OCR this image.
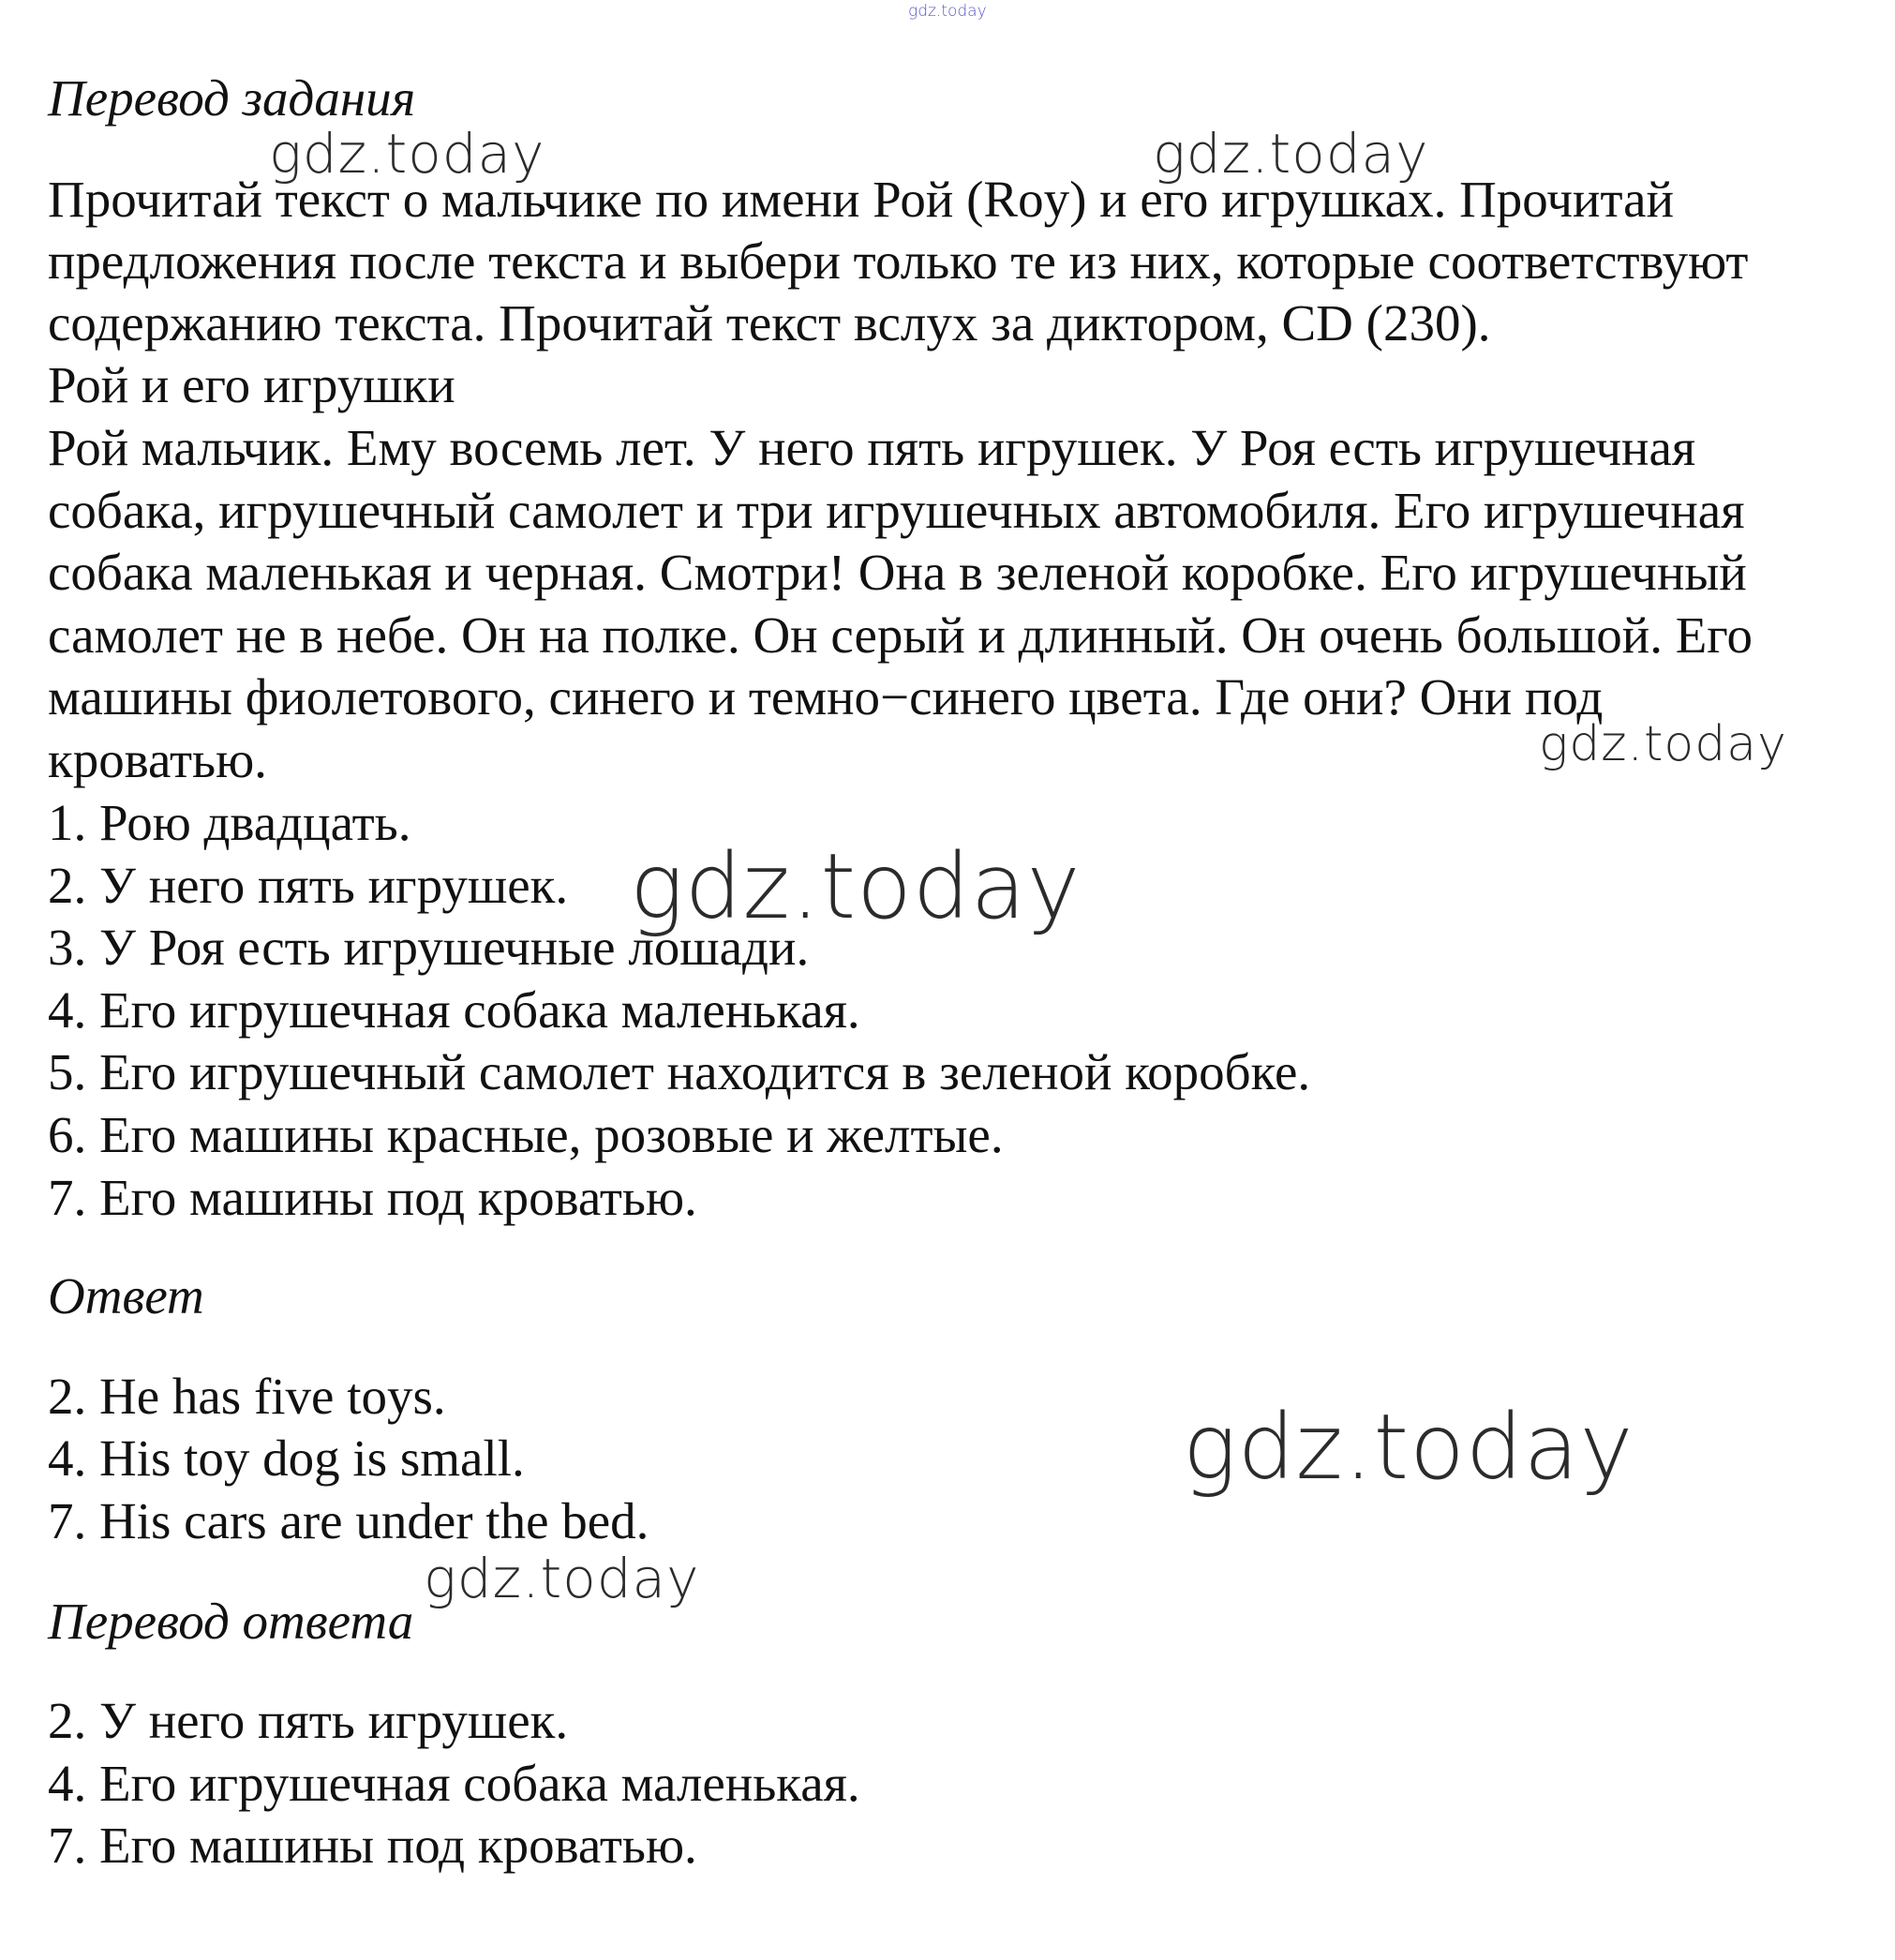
gdz.today
gdz.today	gdz.today
gdz.today
gdz.today
gdz.today
gdz.today
Перевод задания
Прочитай текст о мальчике по имени Рой (Roy) и его игрушках. Прочитай
предложения после текста и выбери только те из них, которые соответствуют
содержанию текста. Прочитай текст вслух за диктором, CD (230).
Рой и его игрушки
Рой мальчик. Ему восемь лет. У него пять игрушек. У Роя есть игрушечная
собака, игрушечный самолет и три игрушечных автомобиля. Его игрушечная
собака маленькая и черная. Смотри! Она в зеленой коробке. Его игрушечный
самолет не в небе. Он на полке. Он серый и длинный. Он очень большой. Его
машины фиолетового, синего и темно−синего цвета. Где они? Они под
кроватью.
1. Рою двадцать.
2. У него пять игрушек.
3. У Роя есть игрушечные лошади.
4. Его игрушечная собака маленькая.
5. Его игрушечный самолет находится в зеленой коробке.
6. Его машины красные, розовые и желтые.
7. Его машины под кроватью.
Ответ
2. He has five toys.
4. His toy dog is small.
7. His cars are under the bed.
Перевод ответа
2. У него пять игрушек.
4. Его игрушечная собака маленькая.
7. Его машины под кроватью.
